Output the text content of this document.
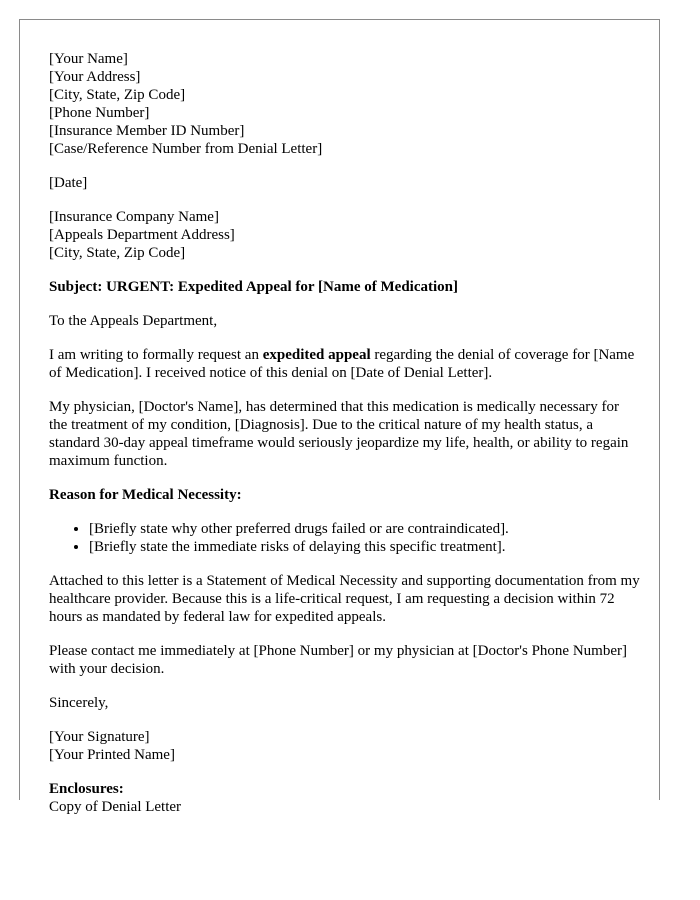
[Your Name]
[Your Address]
[City, State, Zip Code]
[Phone Number]
[Insurance Member ID Number]
[Case/Reference Number from Denial Letter]
[Date]
[Insurance Company Name]
[Appeals Department Address]
[City, State, Zip Code]

Subject: URGENT: Expedited Appeal for [Name of Medication]

To the Appeals Department,

I am writing to formally request an expedited appeal regarding the denial of coverage for [Name of Medication]. I received notice of this denial on [Date of Denial Letter].

My physician, [Doctor's Name], has determined that this medication is medically necessary for the treatment of my condition, [Diagnosis]. Due to the critical nature of my health status, a standard 30-day appeal timeframe would seriously jeopardize my life, health, or ability to regain maximum function.

Reason for Medical Necessity:

• [Briefly state why other preferred drugs failed or are contraindicated].
• [Briefly state the immediate risks of delaying this specific treatment].

Attached to this letter is a Statement of Medical Necessity and supporting documentation from my healthcare provider. Because this is a life-critical request, I am requesting a decision within 72 hours as mandated by federal law for expedited appeals.

Please contact me immediately at [Phone Number] or my physician at [Doctor's Phone Number] with your decision.

Sincerely,

[Your Signature]
[Your Printed Name]
Enclosures:
Copy of Denial Letter
